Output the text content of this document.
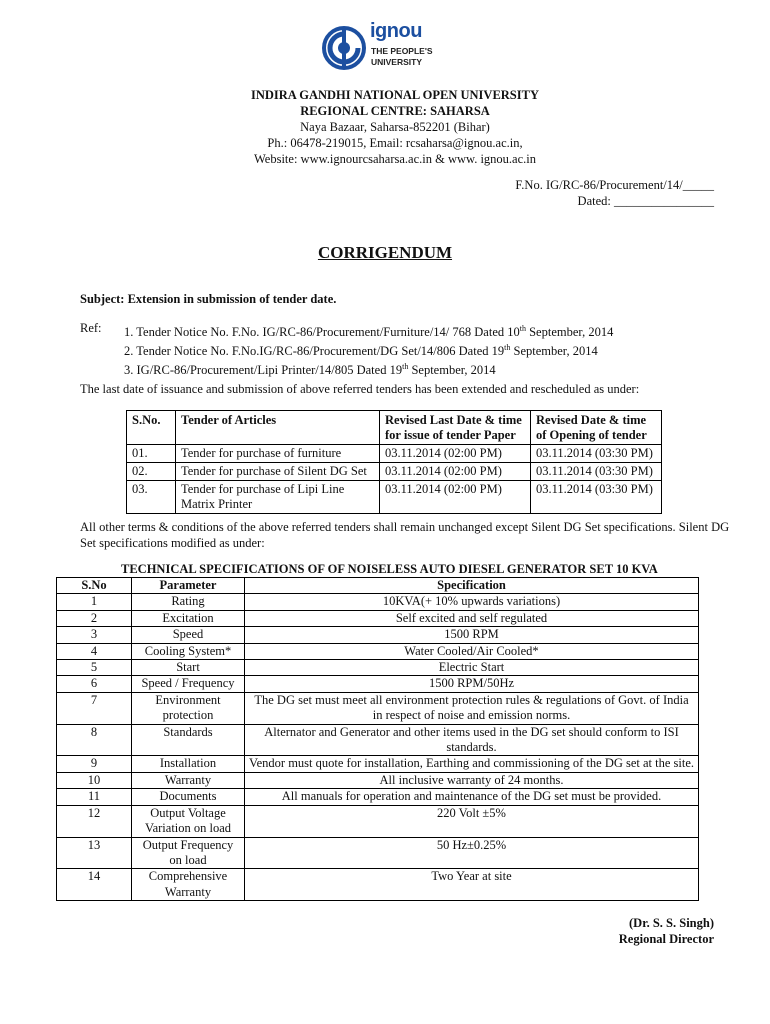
ignou
THE PEOPLE'S
UNIVERSITY
INDIRA GANDHI NATIONAL OPEN UNIVERSITY
REGIONAL CENTRE: SAHARSA
Naya Bazaar, Saharsa-852201 (Bihar)
Ph.: 06478-219015, Email: rcsaharsa@ignou.ac.in,
Website: www.ignourcsaharsa.ac.in & www. ignou.ac.in
F.No. IG/RC-86/Procurement/14/_____
Dated: ________________
CORRIGENDUM
Subject: Extension in submission of tender date.
Ref: 1. Tender Notice No. F.No. IG/RC-86/Procurement/Furniture/14/ 768 Dated 10th September, 2014
2. Tender Notice No. F.No.IG/RC-86/Procurement/DG Set/14/806 Dated 19th September, 2014
3. IG/RC-86/Procurement/Lipi Printer/14/805 Dated 19th September, 2014
The last date of issuance and submission of above referred tenders has been extended and rescheduled as under:
S.No.	Tender of Articles	Revised Last Date & time for issue of tender Paper	Revised Date & time of Opening of tender
01.	Tender for purchase of furniture	03.11.2014 (02:00 PM)	03.11.2014 (03:30 PM)
02.	Tender for purchase of Silent DG Set	03.11.2014 (02:00 PM)	03.11.2014 (03:30 PM)
03.	Tender for purchase of Lipi Line Matrix Printer	03.11.2014 (02:00 PM)	03.11.2014 (03:30 PM)
All other terms & conditions of the above referred tenders shall remain unchanged except Silent DG Set specifications. Silent DG Set specifications modified as under:
TECHNICAL SPECIFICATIONS OF OF NOISELESS AUTO DIESEL GENERATOR SET 10 KVA
S.No	Parameter	Specification
1	Rating	10KVA(+ 10% upwards variations)
2	Excitation	Self excited and self regulated
3	Speed	1500 RPM
4	Cooling System*	Water Cooled/Air Cooled*
5	Start	Electric Start
6	Speed / Frequency	1500 RPM/50Hz
7	Environment protection	The DG set must meet all environment protection rules & regulations of Govt. of India in respect of noise and emission norms.
8	Standards	Alternator and Generator and other items used in the DG set should conform to ISI standards.
9	Installation	Vendor must quote for installation, Earthing and commissioning of the DG set at the site.
10	Warranty	All inclusive warranty of 24 months.
11	Documents	All manuals for operation and maintenance of the DG set must be provided.
12	Output Voltage Variation on load	220 Volt ±5%
13	Output Frequency on load	50 Hz±0.25%
14	Comprehensive Warranty	Two Year at site
(Dr. S. S. Singh)
Regional Director
